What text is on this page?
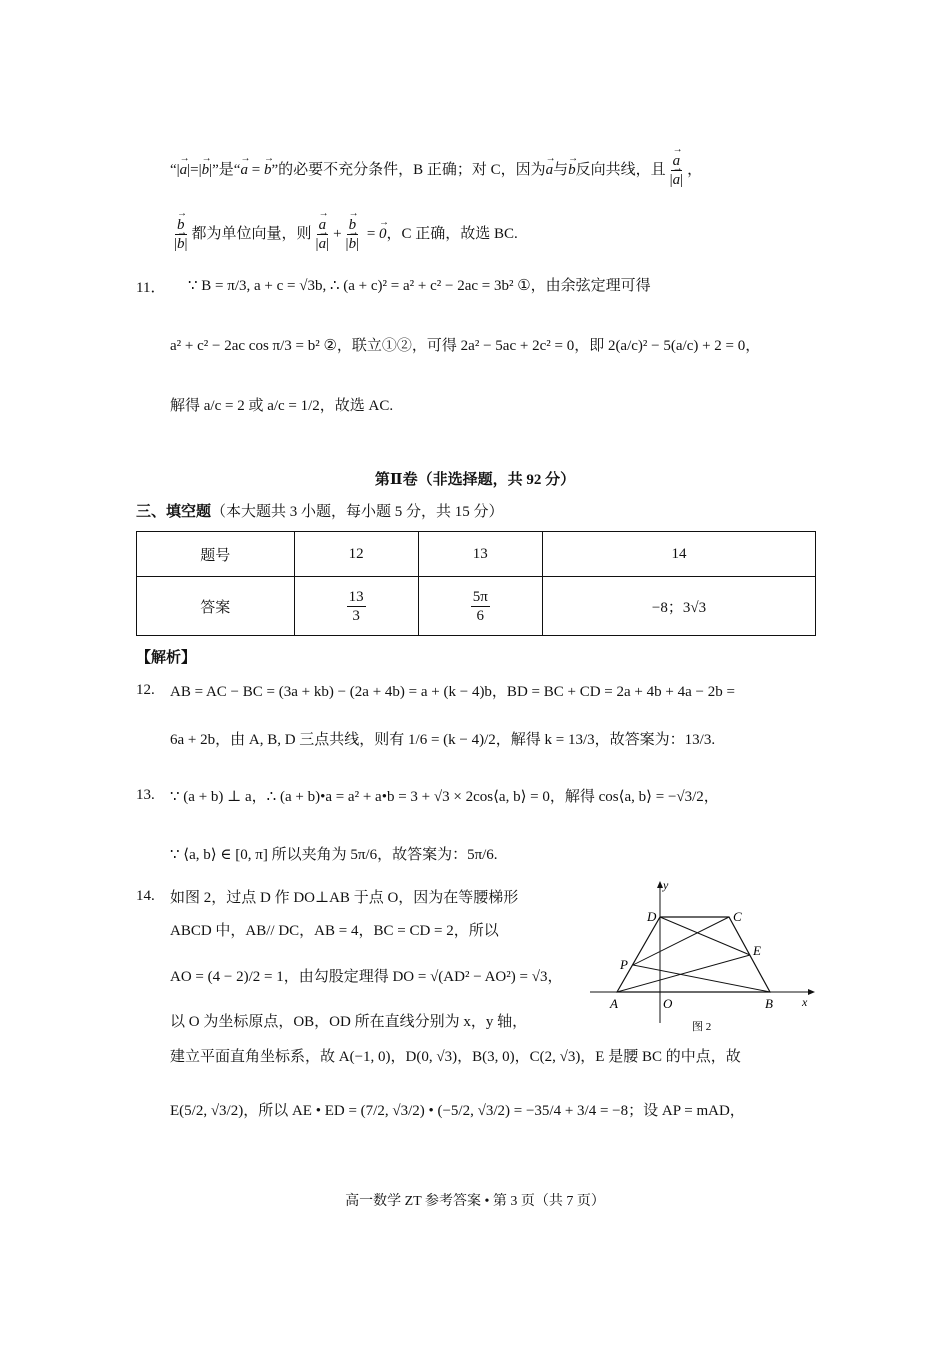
“|→ a|=|→ b|”是“→ a = → b”的必要不充分条件，B 正确；对 C，因为→ a与→ b反向共线，且 → $\frac{a}{|\to a|}$ ，
→ $\frac{b}{|\to b|}$ 都为单位向量，则 → $\frac{a}{|\to a|}$ + → $\frac{b}{|\to b|}$ = → 0，C 正确，故选 BC.
11． ∵ B = π/3, a + c = √3b, ∴ (a + c)² = a² + c² − 2ac = 3b² ①，由余弦定理可得
a² + c² − 2ac cos π/3 = b² ②，联立①②，可得 2a² − 5ac + 2c² = 0，即 2(a/c)² − 5(a/c) + 2 = 0，
解得 a/c = 2 或 a/c = 1/2，故选 AC.
第Ⅱ卷（非选择题，共 92 分）
三、填空题（本大题共 3 小题，每小题 5 分，共 15 分）
题号	12	13	14
答案	$\frac{13}{3}$	$\frac{5\pi}{6}$	−8；3√3
【解析】
12. AB = AC − BC = (3a + kb) − (2a + 4b) = a + (k − 4)b，BD = BC + CD = 2a + 4b + 4a − 2b =
6a + 2b，由 A, B, D 三点共线，则有 1/6 = (k − 4)/2，解得 k = 13/3，故答案为：13/3.
13. ∵ (a + b) ⊥ a，∴ (a + b)•a = a² + a•b = 3 + √3 × 2cos⟨a, b⟩ = 0，解得 cos⟨a, b⟩ = −√3/2，
∵ ⟨a, b⟩ ∈ [0, π] 所以夹角为 5π/6，故答案为：5π/6.
14. 如图 2，过点 D 作 DO⊥AB 于点 O，因为在等腰梯形
ABCD 中，AB// DC，AB = 4，BC = CD = 2，所以
AO = (4 − 2)/2 = 1，由勾股定理得 DO = √(AD² − AO²) = √3，
以 O 为坐标原点，OB，OD 所在直线分别为 x，y 轴，
建立平面直角坐标系，故 A(−1, 0)，D(0, √3)，B(3, 0)，C(2, √3)，E 是腰 BC 的中点，故
E(5/2, √3/2)，所以 AE • ED = (7/2, √3/2) • (−5/2, √3/2) = −35/4 + 3/4 = −8；设 AP = mAD，
y
x
D	C
E
P
A	O	B
图 2
高一数学 ZT 参考答案 • 第 3 页（共 7 页）
